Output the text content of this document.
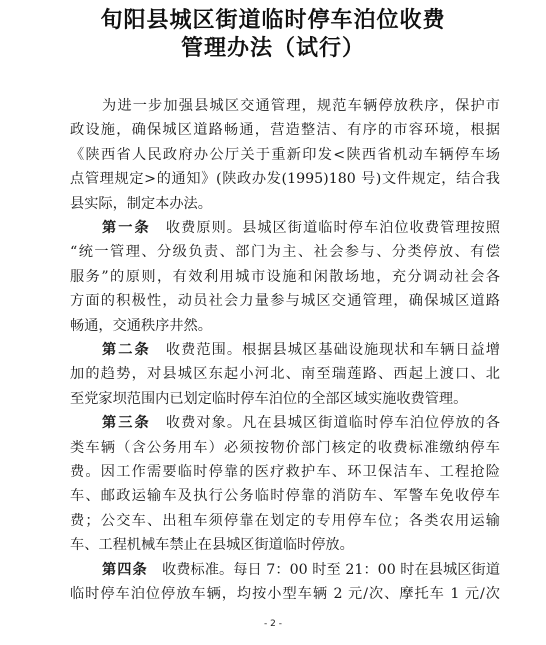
旬阳县城区街道临时停车泊位收费
管理办法（试行）
为进一步加强县城区交通管理，规范车辆停放秩序，保护市
政设施，确保城区道路畅通，营造整洁、有序的市容环境，根据
《陕西省人民政府办公厅关于重新印发<陕西省机动车辆停车场
点管理规定>的通知》(陕政办发(1995)180 号)文件规定，结合我
县实际，制定本办法。
第一条　收费原则。县城区街道临时停车泊位收费管理按照
“统一管理、分级负责、部门为主、社会参与、分类停放、有偿
服务”的原则，有效利用城市设施和闲散场地，充分调动社会各
方面的积极性，动员社会力量参与城区交通管理，确保城区道路
畅通，交通秩序井然。
第二条　收费范围。根据县城区基础设施现状和车辆日益增
加的趋势，对县城区东起小河北、南至瑞莲路、西起上渡口、北
至党家坝范围内已划定临时停车泊位的全部区域实施收费管理。
第三条　收费对象。凡在县城区街道临时停车泊位停放的各
类车辆（含公务用车）必须按物价部门核定的收费标准缴纳停车
费。因工作需要临时停靠的医疗救护车、环卫保洁车、工程抢险
车、邮政运输车及执行公务临时停靠的消防车、军警车免收停车
费；公交车、出租车须停靠在划定的专用停车位；各类农用运输
车、工程机械车禁止在县城区街道临时停放。
第四条　收费标准。每日 7：00 时至 21：00 时在县城区街道
临时停车泊位停放车辆，均按小型车辆 2 元/次、摩托车 1 元/次
- 2 -
